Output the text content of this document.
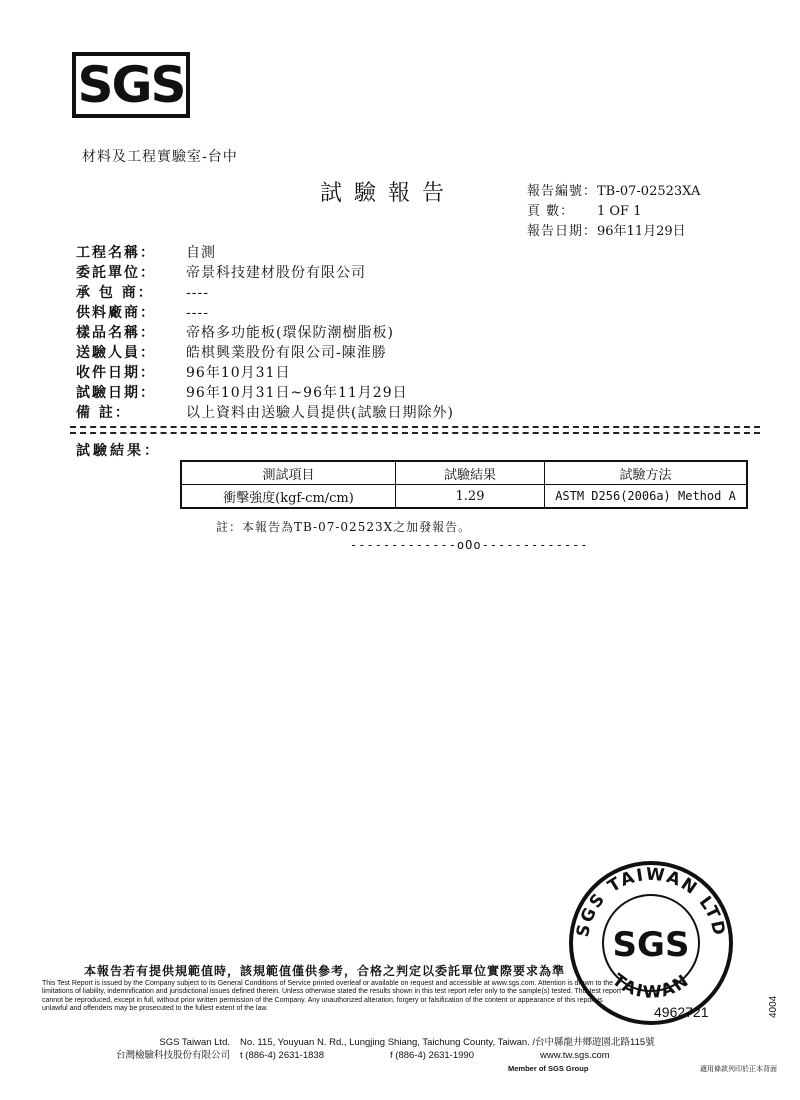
SGS
材料及工程實驗室-台中
試驗報告	報告編號：TB-07-02523XA
頁 數： 1 OF 1
報告日期：96年11月29日
工程名稱： 自測
委託單位： 帝景科技建材股份有限公司
承 包 商： ----
供料廠商： ----
樣品名稱： 帝格多功能板(環保防潮樹脂板)
送驗人員： 皓棋興業股份有限公司-陳淮勝
收件日期： 96年10月31日
試驗日期： 96年10月31日~96年11月29日
備 註：	以上資料由送驗人員提供(試驗日期除外)
試驗結果：
測試項目	試驗結果	試驗方法
衝擊強度(kgf-cm/cm)	1.29	ASTM D256(2006a) Method A
註：本報告為TB-07-02523X之加發報告。
-------------oOo-------------
SGS TAIWAN LTD
TAIWAN
SGS
4962721
本報告若有提供規範值時，該規範值僅供參考，合格之判定以委託單位實際要求為準
This Test Report is issued by the Company subject to its General Conditions of Service printed overleaf or available on request and accessible at www.sgs.com. Attention is drawn to the limitations of liability, indemnification and jurisdictional issues defined therein. Unless otherwise stated the results shown in this test report refer only to the sample(s) tested. This test report cannot be reproduced, except in full, without prior written permission of the Company. Any unauthorized alteration, forgery or falsification of the content or appearance of this report is unlawful and offenders may be prosecuted to the fullest extent of the law.
SGS Taiwan Ltd. No. 115, Youyuan N. Rd., Lungjing Shiang, Taichung County, Taiwan. /台中縣龍井鄉遊園北路115號
台灣檢驗科技股份有限公司 t (886-4) 2631-1838	f (886-4) 2631-1990	www.tw.sgs.com
Member of SGS Group	適用條款列印於正本背面
4004
